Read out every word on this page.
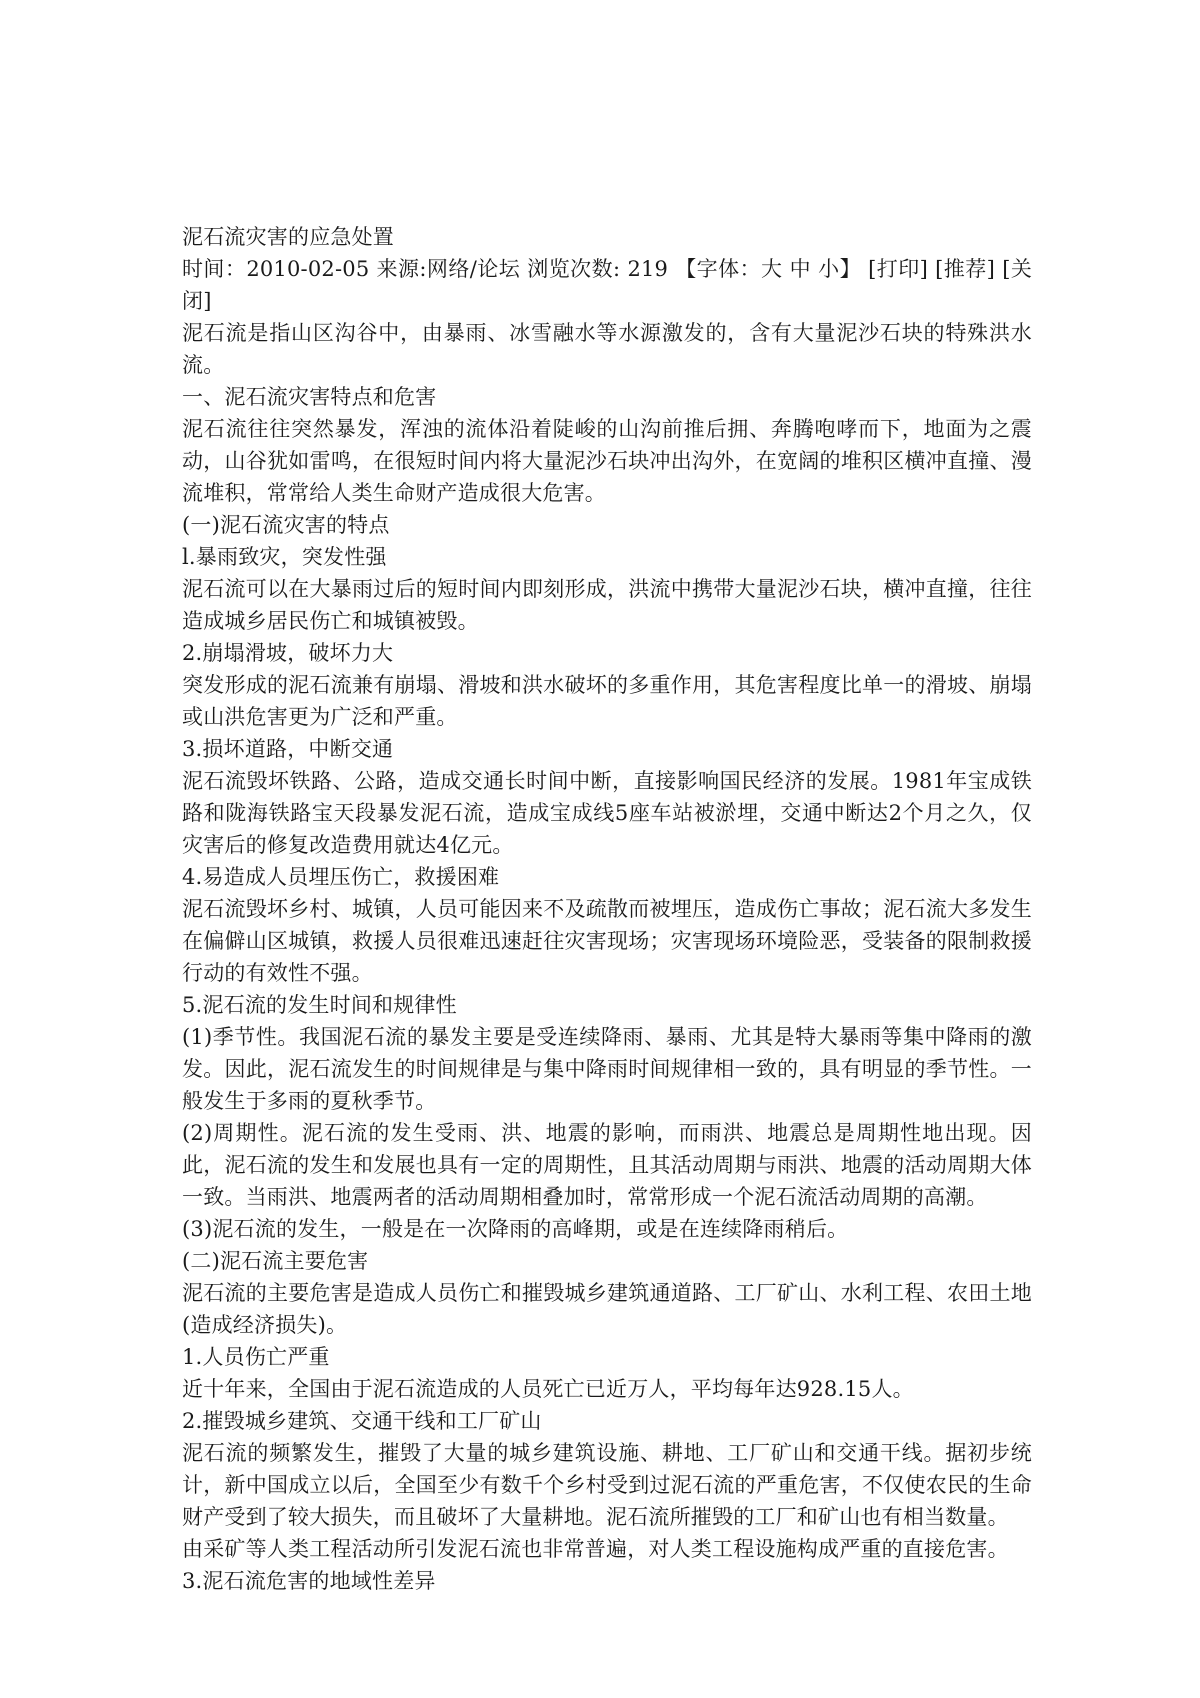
泥石流灾害的应急处置

时间：2010-02-05 来源:网络/论坛 浏览次数: 219 【字体：大 中 小】 [打印] [推荐] [关闭]

泥石流是指山区沟谷中，由暴雨、冰雪融水等水源激发的，含有大量泥沙石块的特殊洪水流。

一、泥石流灾害特点和危害

泥石流往往突然暴发，浑浊的流体沿着陡峻的山沟前推后拥、奔腾咆哮而下，地面为之震动，山谷犹如雷鸣，在很短时间内将大量泥沙石块冲出沟外，在宽阔的堆积区横冲直撞、漫流堆积，常常给人类生命财产造成很大危害。

(一)泥石流灾害的特点

l.暴雨致灾，突发性强

泥石流可以在大暴雨过后的短时间内即刻形成，洪流中携带大量泥沙石块，横冲直撞，往往造成城乡居民伤亡和城镇被毁。

2.崩塌滑坡，破坏力大

突发形成的泥石流兼有崩塌、滑坡和洪水破坏的多重作用，其危害程度比单一的滑坡、崩塌或山洪危害更为广泛和严重。

3.损坏道路，中断交通

泥石流毁坏铁路、公路，造成交通长时间中断，直接影响国民经济的发展。1981年宝成铁路和陇海铁路宝天段暴发泥石流，造成宝成线5座车站被淤埋，交通中断达2个月之久，仅灾害后的修复改造费用就达4亿元。

4.易造成人员埋压伤亡，救援困难

泥石流毁坏乡村、城镇，人员可能因来不及疏散而被埋压，造成伤亡事故；泥石流大多发生在偏僻山区城镇，救援人员很难迅速赶往灾害现场；灾害现场环境险恶，受装备的限制救援行动的有效性不强。

5.泥石流的发生时间和规律性

(1)季节性。我国泥石流的暴发主要是受连续降雨、暴雨、尤其是特大暴雨等集中降雨的激发。因此，泥石流发生的时间规律是与集中降雨时间规律相一致的，具有明显的季节性。一般发生于多雨的夏秋季节。

(2)周期性。泥石流的发生受雨、洪、地震的影响，而雨洪、地震总是周期性地出现。因此，泥石流的发生和发展也具有一定的周期性，且其活动周期与雨洪、地震的活动周期大体一致。当雨洪、地震两者的活动周期相叠加时，常常形成一个泥石流活动周期的高潮。

(3)泥石流的发生，一般是在一次降雨的高峰期，或是在连续降雨稍后。

(二)泥石流主要危害

泥石流的主要危害是造成人员伤亡和摧毁城乡建筑通道路、工厂矿山、水利工程、农田土地(造成经济损失)。

1.人员伤亡严重

近十年来，全国由于泥石流造成的人员死亡已近万人，平均每年达928.15人。

2.摧毁城乡建筑、交通干线和工厂矿山

泥石流的频繁发生，摧毁了大量的城乡建筑设施、耕地、工厂矿山和交通干线。据初步统计，新中国成立以后，全国至少有数千个乡村受到过泥石流的严重危害，不仅使农民的生命财产受到了较大损失，而且破坏了大量耕地。泥石流所摧毁的工厂和矿山也有相当数量。

由采矿等人类工程活动所引发泥石流也非常普遍，对人类工程设施构成严重的直接危害。

3.泥石流危害的地域性差异
